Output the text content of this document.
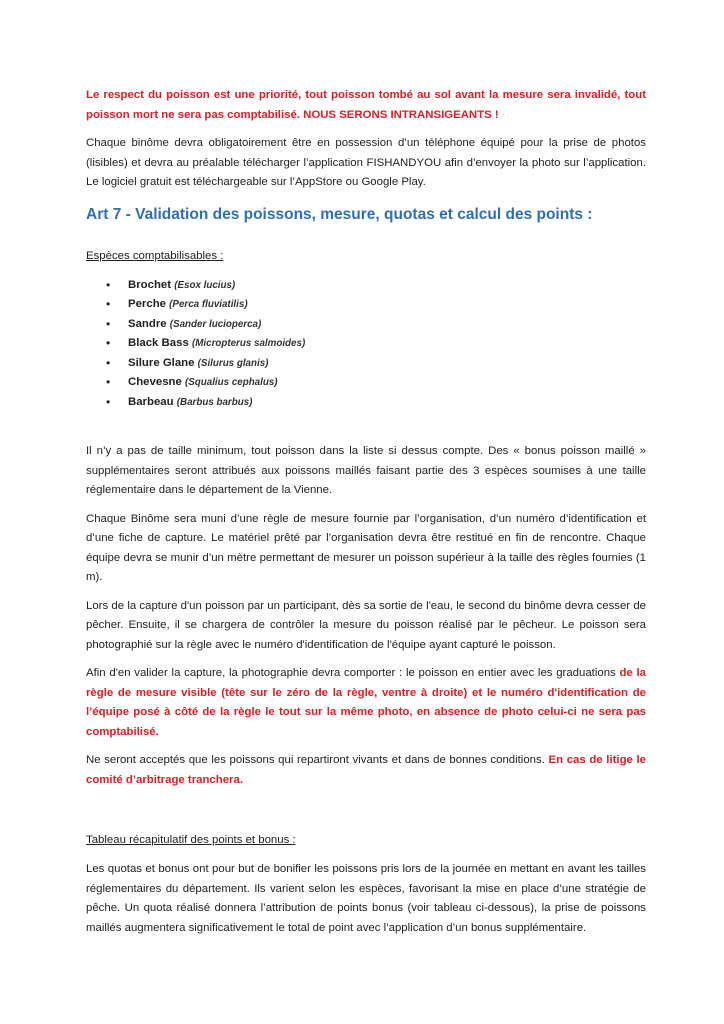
Le respect du poisson est une priorité, tout poisson tombé au sol avant la mesure sera invalidé, tout poisson mort ne sera pas comptabilisé. NOUS SERONS INTRANSIGEANTS !

Chaque binôme devra obligatoirement être en possession d’un téléphone équipé pour la prise de photos (lisibles) et devra au préalable télécharger l’application FISHANDYOU afin d’envoyer la photo sur l’application. Le logiciel gratuit est téléchargeable sur l’AppStore ou Google Play.

Art 7 - Validation des poissons, mesure, quotas et calcul des points :
Espèces comptabilisables :
• Brochet (Esox lucius)
• Perche (Perca fluviatilis)
• Sandre (Sander lucioperca)
• Black Bass (Micropterus salmoides)
• Silure Glane (Silurus glanis)
• Chevesne (Squalius cephalus)
• Barbeau (Barbus barbus)

Il n’y a pas de taille minimum, tout poisson dans la liste si dessus compte. Des « bonus poisson maillé » supplémentaires seront attribués aux poissons maillés faisant partie des 3 espèces soumises à une taille réglementaire dans le département de la Vienne.

Chaque Binôme sera muni d’une règle de mesure fournie par l’organisation, d’un numéro d’identification et d’une fiche de capture. Le matériel prêté par l’organisation devra être restitué en fin de rencontre. Chaque équipe devra se munir d’un mètre permettant de mesurer un poisson supérieur à la taille des règles fournies (1 m).

Lors de la capture d'un poisson par un participant, dès sa sortie de l'eau, le second du binôme devra cesser de pêcher. Ensuite, il se chargera de contrôler la mesure du poisson réalisé par le pêcheur. Le poisson sera photographié sur la règle avec le numéro d'identification de l'équipe ayant capturé le poisson.

Afin d'en valider la capture, la photographie devra comporter : le poisson en entier avec les graduations de la règle de mesure visible (tête sur le zéro de la règle, ventre à droite) et le numéro d'identification de l’équipe posé à côté de la règle le tout sur la même photo, en absence de photo celui-ci ne sera pas comptabilisé.

Ne seront acceptés que les poissons qui repartiront vivants et dans de bonnes conditions. En cas de litige le comité d’arbitrage tranchera.

Tableau récapitulatif des points et bonus :

Les quotas et bonus ont pour but de bonifier les poissons pris lors de la journée en mettant en avant les tailles réglementaires du département. Ils varient selon les espèces, favorisant la mise en place d’une stratégie de pêche. Un quota réalisé donnera l’attribution de points bonus (voir tableau ci-dessous), la prise de poissons maillés augmentera significativement le total de point avec l’application d’un bonus supplémentaire.
